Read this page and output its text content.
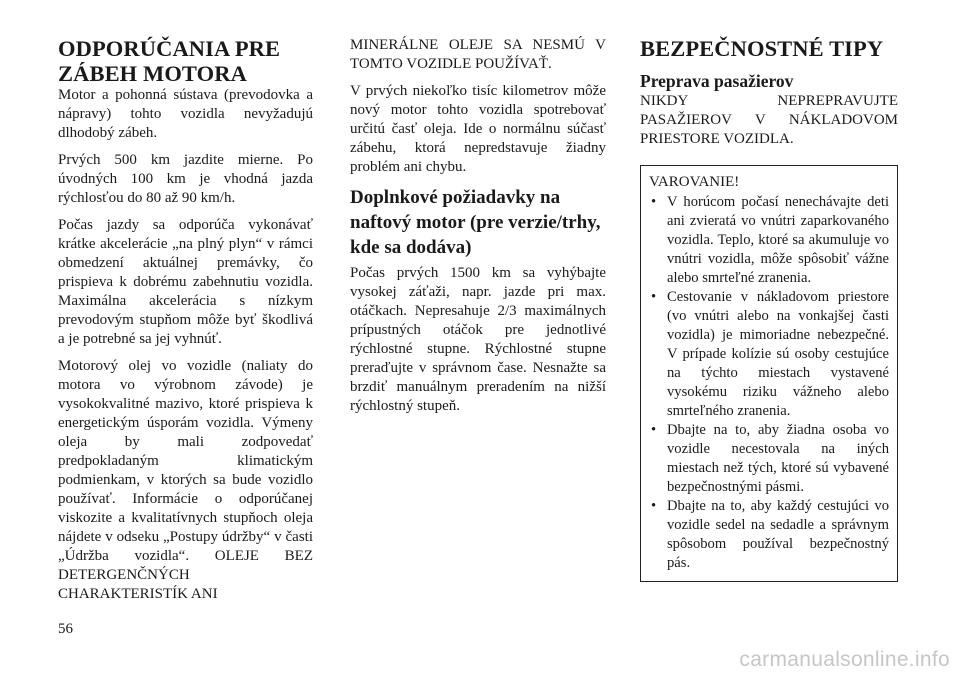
ODPORÚČANIA PRE ZÁBEH MOTORA

Motor a pohonná sústava (prevodovka a nápravy) tohto vozidla nevyžadujú dlhodobý zábeh.

Prvých 500 km jazdite mierne. Po úvodných 100 km je vhodná jazda rýchlosťou do 80 až 90 km/h.

Počas jazdy sa odporúča vykonávať krátke akcelerácie „na plný plyn“ v rámci obmedzení aktuálnej premávky, čo prispieva k dobrému zabehnutiu vozidla. Maximálna akcelerácia s nízkym prevodovým stupňom môže byť škodlivá a je potrebné sa jej vyhnúť.

Motorový olej vo vozidle (naliaty do motora vo výrobnom závode) je vysokokvalitné mazivo, ktoré prispieva k energetickým úsporám vozidla. Výmeny oleja by mali zodpovedať predpokladaným klimatickým podmienkam, v ktorých sa bude vozidlo používať. Informácie o odporúčanej viskozite a kvalitatívnych stupňoch oleja nájdete v odseku „Postupy údržby“ v časti „Údržba vozidla“. OLEJE BEZ DETERGENČNÝCH CHARAKTERISTÍK ANI

MINERÁLNE OLEJE SA NESMÚ V TOMTO VOZIDLE POUŽÍVAŤ.

V prvých niekoľko tisíc kilometrov môže nový motor tohto vozidla spotrebovať určitú časť oleja. Ide o normálnu súčasť zábehu, ktorá nepredstavuje žiadny problém ani chybu.

Doplnkové požiadavky na naftový motor (pre verzie/trhy, kde sa dodáva)

Počas prvých 1500 km sa vyhýbajte vysokej záťaži, napr. jazde pri max. otáčkach. Nepresahuje 2/3 maximálnych prípustných otáčok pre jednotlivé rýchlostné stupne. Rýchlostné stupne preraďujte v správnom čase. Nesnažte sa brzdiť manuálnym preradením na nižší rýchlostný stupeň.

BEZPEČNOSTNÉ TIPY
Preprava pasažierov

NIKDY NEPREPRAVUJTE PASAŽIEROV V NÁKLADOVOM PRIESTORE VOZIDLA.

VAROVANIE!
• V horúcom počasí nenechávajte deti ani zvieratá vo vnútri zaparkovaného vozidla. Teplo, ktoré sa akumuluje vo vnútri vozidla, môže spôsobiť vážne alebo smrteľné zranenia.
• Cestovanie v nákladovom priestore (vo vnútri alebo na vonkajšej časti vozidla) je mimoriadne nebezpečné. V prípade kolízie sú osoby cestujúce na týchto miestach vystavené vysokému riziku vážneho alebo smrteľného zranenia.
• Dbajte na to, aby žiadna osoba vo vozidle necestovala na iných miestach než tých, ktoré sú vybavené bezpečnostnými pásmi.
• Dbajte na to, aby každý cestujúci vo vozidle sedel na sedadle a správnym spôsobom používal bezpečnostný pás.
56
carmanualsonline.info
